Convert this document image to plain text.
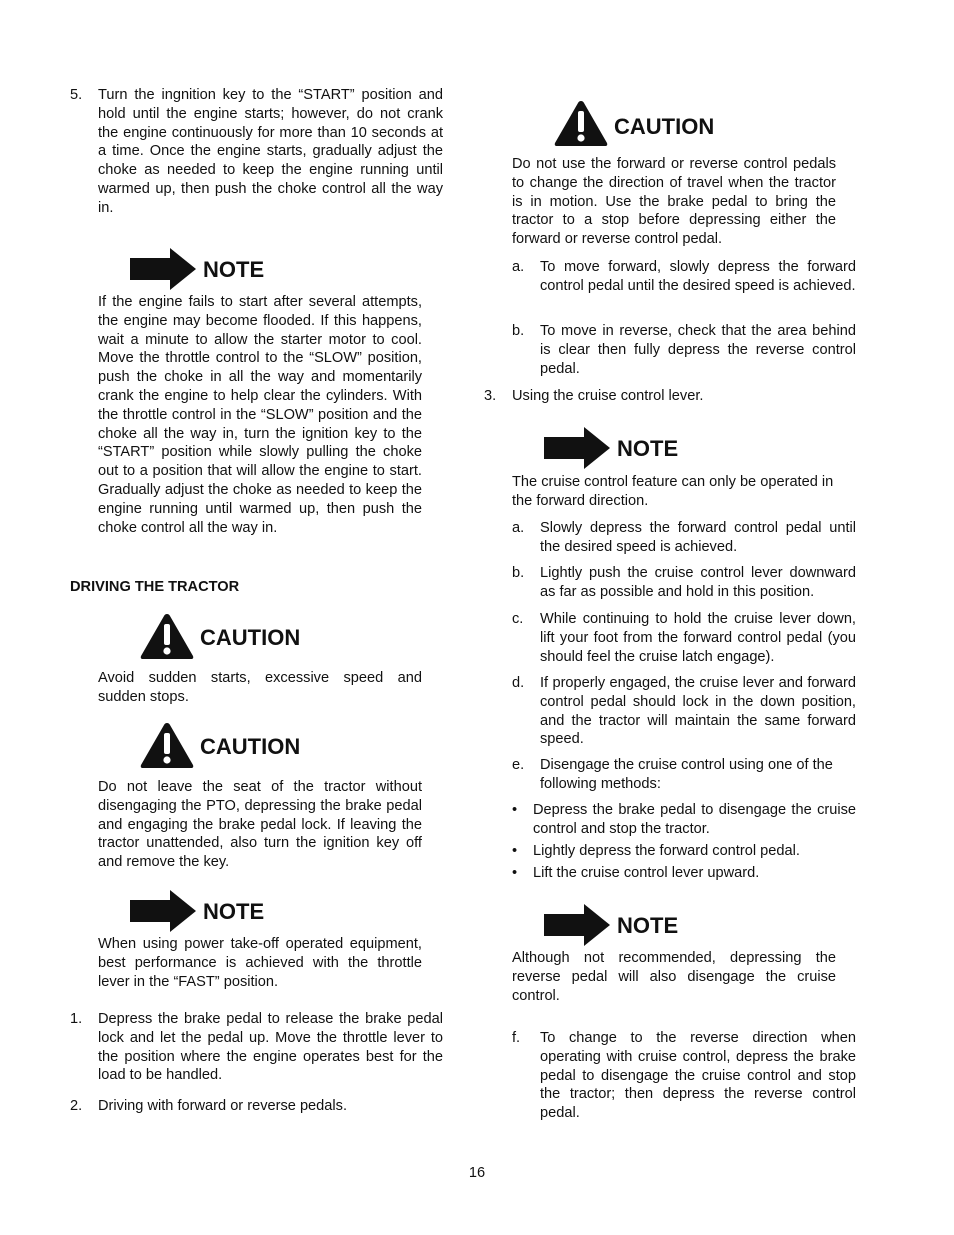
5. Turn the ingnition key to the “START” position and hold until the engine starts; however, do not crank the engine continuously for more than 10 seconds at a time. Once the engine starts, gradually adjust the choke as needed to keep the engine running until warmed up, then push the choke control all the way in.
NOTE
If the engine fails to start after several attempts, the engine may become flooded. If this happens, wait a minute to allow the starter motor to cool. Move the throttle control to the “SLOW” position, push the choke in all the way and momentarily crank the engine to help clear the cylinders. With the throttle control in the “SLOW” position and the choke all the way in, turn the ignition key to the “START” position while slowly pulling the choke out to a position that will allow the engine to start. Gradually adjust the choke as needed to keep the engine running until warmed up, then push the choke control all the way in.
DRIVING THE TRACTOR
CAUTION
Avoid sudden starts, excessive speed and sudden stops.
CAUTION
Do not leave the seat of the tractor without disengaging the PTO, depressing the brake pedal and engaging the brake pedal lock. If leaving the tractor unattended, also turn the ignition key off and remove the key.
NOTE
When using power take-off operated equipment, best performance is achieved with the throttle lever in the “FAST” position.
1. Depress the brake pedal to release the brake pedal lock and let the pedal up. Move the throttle lever to the position where the engine operates best for the load to be handled.
2. Driving with forward or reverse pedals.
CAUTION
Do not use the forward or reverse control pedals to change the direction of travel when the tractor is in motion. Use the brake pedal to bring the tractor to a stop before depressing either the forward or reverse control pedal.
a. To move forward, slowly depress the forward control pedal until the desired speed is achieved.
b. To move in reverse, check that the area behind is clear then fully depress the reverse control pedal.
3. Using the cruise control lever.
NOTE
The cruise control feature can only be operated in the forward direction.
a. Slowly depress the forward control pedal until the desired speed is achieved.
b. Lightly push the cruise control lever downward as far as possible and hold in this position.
c. While continuing to hold the cruise lever down, lift your foot from the forward control pedal (you should feel the cruise latch engage).
d. If properly engaged, the cruise lever and forward control pedal should lock in the down position, and the tractor will maintain the same forward speed.
e. Disengage the cruise control using one of the following methods:
• Depress the brake pedal to disengage the cruise control and stop the tractor.
• Lightly depress the forward control pedal.
• Lift the cruise control lever upward.
NOTE
Although not recommended, depressing the reverse pedal will also disengage the cruise control.
f. To change to the reverse direction when operating with cruise control, depress the brake pedal to disengage the cruise control and stop the tractor; then depress the reverse control pedal.
16
